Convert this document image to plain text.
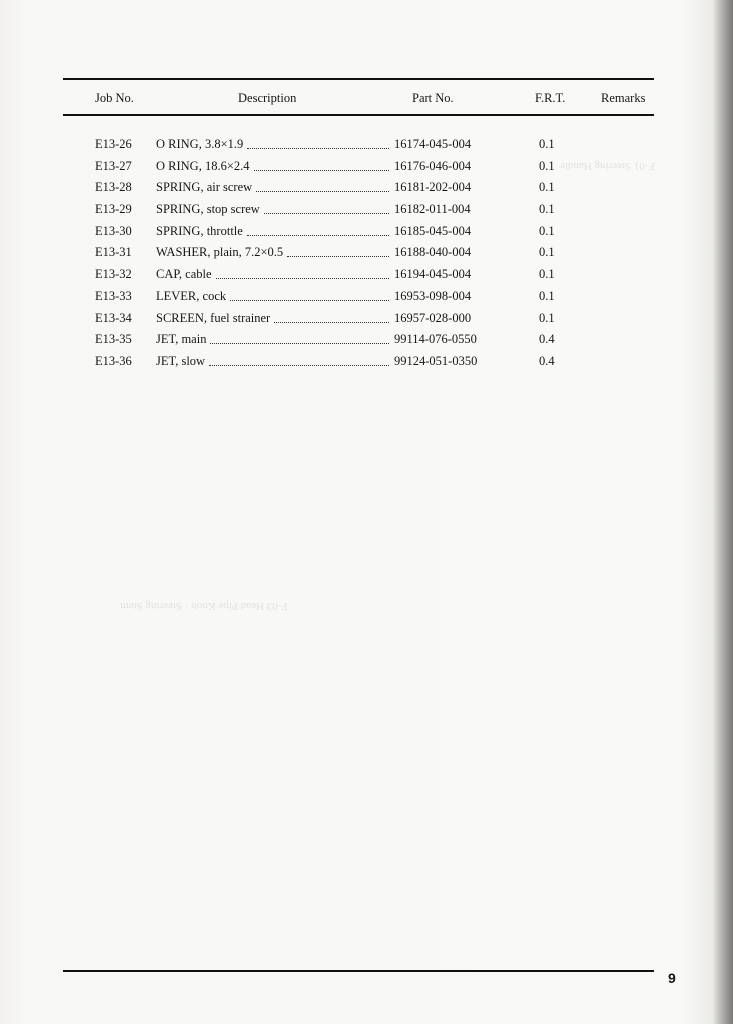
F-01 Steering Handle
F-03 Head Pipe Knob · Steering Stem
Job No.	Description	Part No.	F.R.T.	Remarks
E13-26 O RING, 3.8×1.9	16174-045-004	0.1
E13-27 O RING, 18.6×2.4	16176-046-004	0.1
E13-28 SPRING, air screw	16181-202-004	0.1
E13-29 SPRING, stop screw	16182-011-004	0.1
E13-30 SPRING, throttle	16185-045-004	0.1
E13-31 WASHER, plain, 7.2×0.5	16188-040-004	0.1
E13-32 CAP, cable	16194-045-004	0.1
E13-33 LEVER, cock	16953-098-004	0.1
E13-34 SCREEN, fuel strainer	16957-028-000	0.1
E13-35 JET, main	99114-076-0550	0.4
E13-36 JET, slow	99124-051-0350	0.4
9
